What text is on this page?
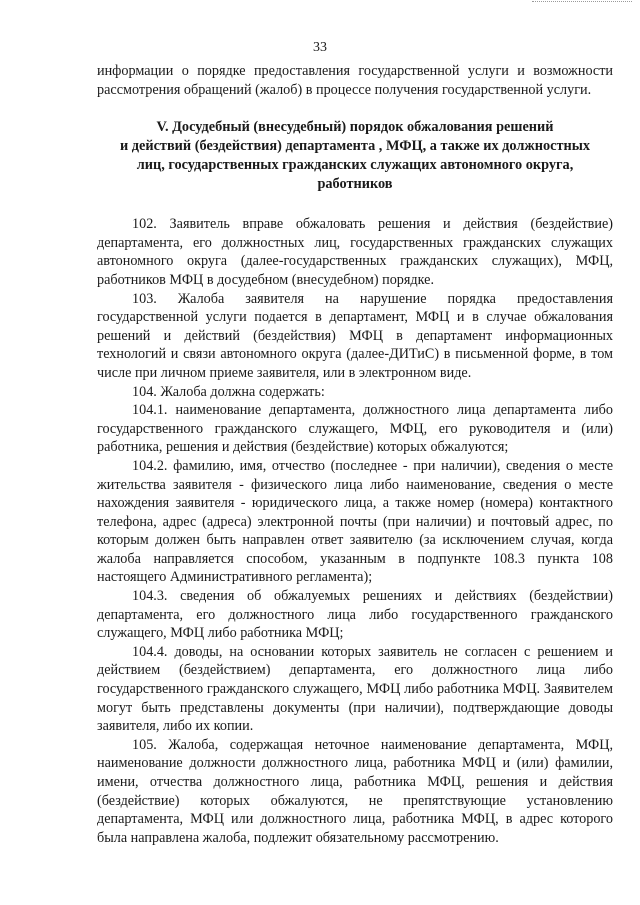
33

информации о порядке предоставления государственной услуги и возможности рассмотрения обращений (жалоб) в процессе получения государственной услуги.

V. Досудебный (внесудебный) порядок обжалования решений
и действий (бездействия) департамента , МФЦ, а также их должностных
лиц, государственных гражданских служащих автономного округа,
работников

102. Заявитель вправе обжаловать решения и действия (бездействие) департамента, его должностных лиц, государственных гражданских служащих автономного округа (далее-государственных гражданских служащих), МФЦ, работников МФЦ в досудебном (внесудебном) порядке.

103. Жалоба заявителя на нарушение порядка предоставления государственной услуги подается в департамент, МФЦ и в случае обжалования решений и действий (бездействия) МФЦ в департамент информационных технологий и связи автономного округа (далее-ДИТиС) в письменной форме, в том числе при личном приеме заявителя, или в электронном виде.

104. Жалоба должна содержать:

104.1. наименование департамента, должностного лица департамента либо государственного гражданского служащего, МФЦ, его руководителя и (или) работника, решения и действия (бездействие) которых обжалуются;

104.2. фамилию, имя, отчество (последнее - при наличии), сведения о месте жительства заявителя - физического лица либо наименование, сведения о месте нахождения заявителя - юридического лица, а также номер (номера) контактного телефона, адрес (адреса) электронной почты (при наличии) и почтовый адрес, по которым должен быть направлен ответ заявителю (за исключением случая, когда жалоба направляется способом, указанным в подпункте 108.3 пункта 108 настоящего Административного регламента);

104.3. сведения об обжалуемых решениях и действиях (бездействии) департамента, его должностного лица либо государственного гражданского служащего, МФЦ либо работника МФЦ;

104.4. доводы, на основании которых заявитель не согласен с решением и действием (бездействием) департамента, его должностного лица либо государственного гражданского служащего, МФЦ либо работника МФЦ. Заявителем могут быть представлены документы (при наличии), подтверждающие доводы заявителя, либо их копии.

105. Жалоба, содержащая неточное наименование департамента, МФЦ, наименование должности должностного лица, работника МФЦ и (или) фамилии, имени, отчества должностного лица, работника МФЦ, решения и действия (бездействие) которых обжалуются, не препятствующие установлению департамента, МФЦ или должностного лица, работника МФЦ, в адрес которого была направлена жалоба, подлежит обязательному рассмотрению.
